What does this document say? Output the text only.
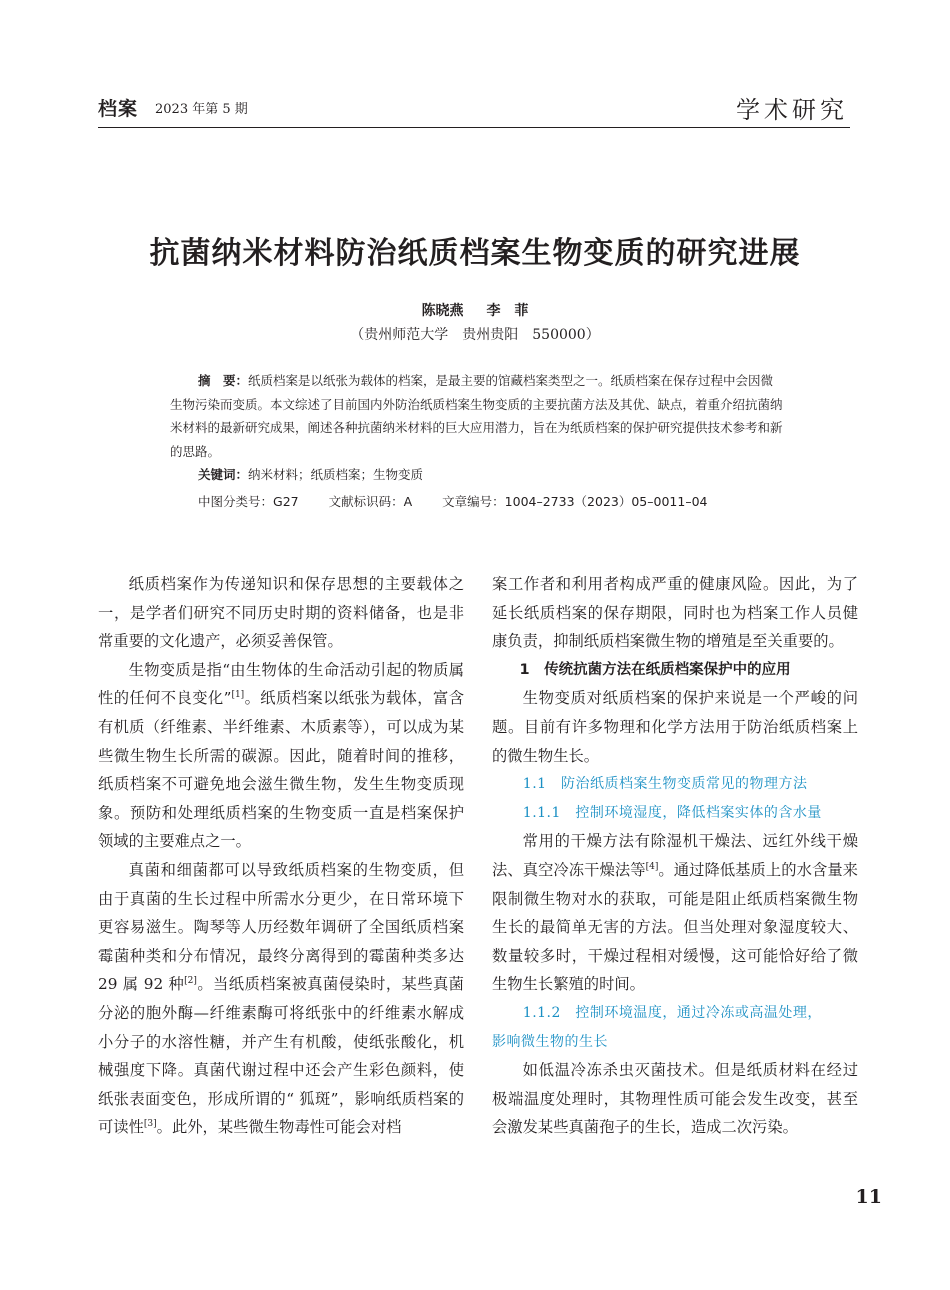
档案 2023 年第 5 期	学术研究
抗菌纳米材料防治纸质档案生物变质的研究进展
陈晓燕 李　菲
（贵州师范大学　贵州贵阳　550000）
摘　要：纸质档案是以纸张为载体的档案，是最主要的馆藏档案类型之一。纸质档案在保存过程中会因微生物污染而变质。本文综述了目前国内外防治纸质档案生物变质的主要抗菌方法及其优、缺点，着重介绍抗菌纳米材料的最新研究成果，阐述各种抗菌纳米材料的巨大应用潜力，旨在为纸质档案的保护研究提供技术参考和新的思路。
关键词：纳米材料；纸质档案；生物变质
中图分类号：G27 文献标识码：A 文章编号：1004–2733（2023）05–0011–04

纸质档案作为传递知识和保存思想的主要载体之一，是学者们研究不同历史时期的资料储备，也是非常重要的文化遗产，必须妥善保管。

生物变质是指“由生物体的生命活动引起的物质属性的任何不良变化”[1]。纸质档案以纸张为载体，富含有机质（纤维素、半纤维素、木质素等），可以成为某些微生物生长所需的碳源。因此，随着时间的推移，纸质档案不可避免地会滋生微生物，发生生物变质现象。预防和处理纸质档案的生物变质一直是档案保护领域的主要难点之一。

真菌和细菌都可以导致纸质档案的生物变质，但由于真菌的生长过程中所需水分更少，在日常环境下更容易滋生。陶琴等人历经数年调研了全国纸质档案霉菌种类和分布情况，最终分离得到的霉菌种类多达 29 属 92 种[2]。当纸质档案被真菌侵染时，某些真菌分泌的胞外酶—纤维素酶可将纸张中的纤维素水解成小分子的水溶性糖，并产生有机酸，使纸张酸化，机械强度下降。真菌代谢过程中还会产生彩色颜料，使纸张表面变色，形成所谓的“ 狐斑”，影响纸质档案的可读性[3]。此外，某些微生物毒性可能会对档

案工作者和利用者构成严重的健康风险。因此，为了延长纸质档案的保存期限，同时也为档案工作人员健康负责，抑制纸质档案微生物的增殖是至关重要的。

1　传统抗菌方法在纸质档案保护中的应用

生物变质对纸质档案的保护来说是一个严峻的问题。目前有许多物理和化学方法用于防治纸质档案上的微生物生长。

1.1　防治纸质档案生物变质常见的物理方法
1.1.1　控制环境湿度，降低档案实体的含水量

常用的干燥方法有除湿机干燥法、远红外线干燥法、真空冷冻干燥法等[4]。通过降低基质上的水含量来限制微生物对水的获取，可能是阻止纸质档案微生物生长的最简单无害的方法。但当处理对象湿度较大、数量较多时，干燥过程相对缓慢，这可能恰好给了微生物生长繁殖的时间。

1.1.2　控制环境温度，通过冷冻或高温处理，
影响微生物的生长

如低温冷冻杀虫灭菌技术。但是纸质材料在经过极端温度处理时，其物理性质可能会发生改变，甚至会激发某些真菌孢子的生长，造成二次污染。

11
